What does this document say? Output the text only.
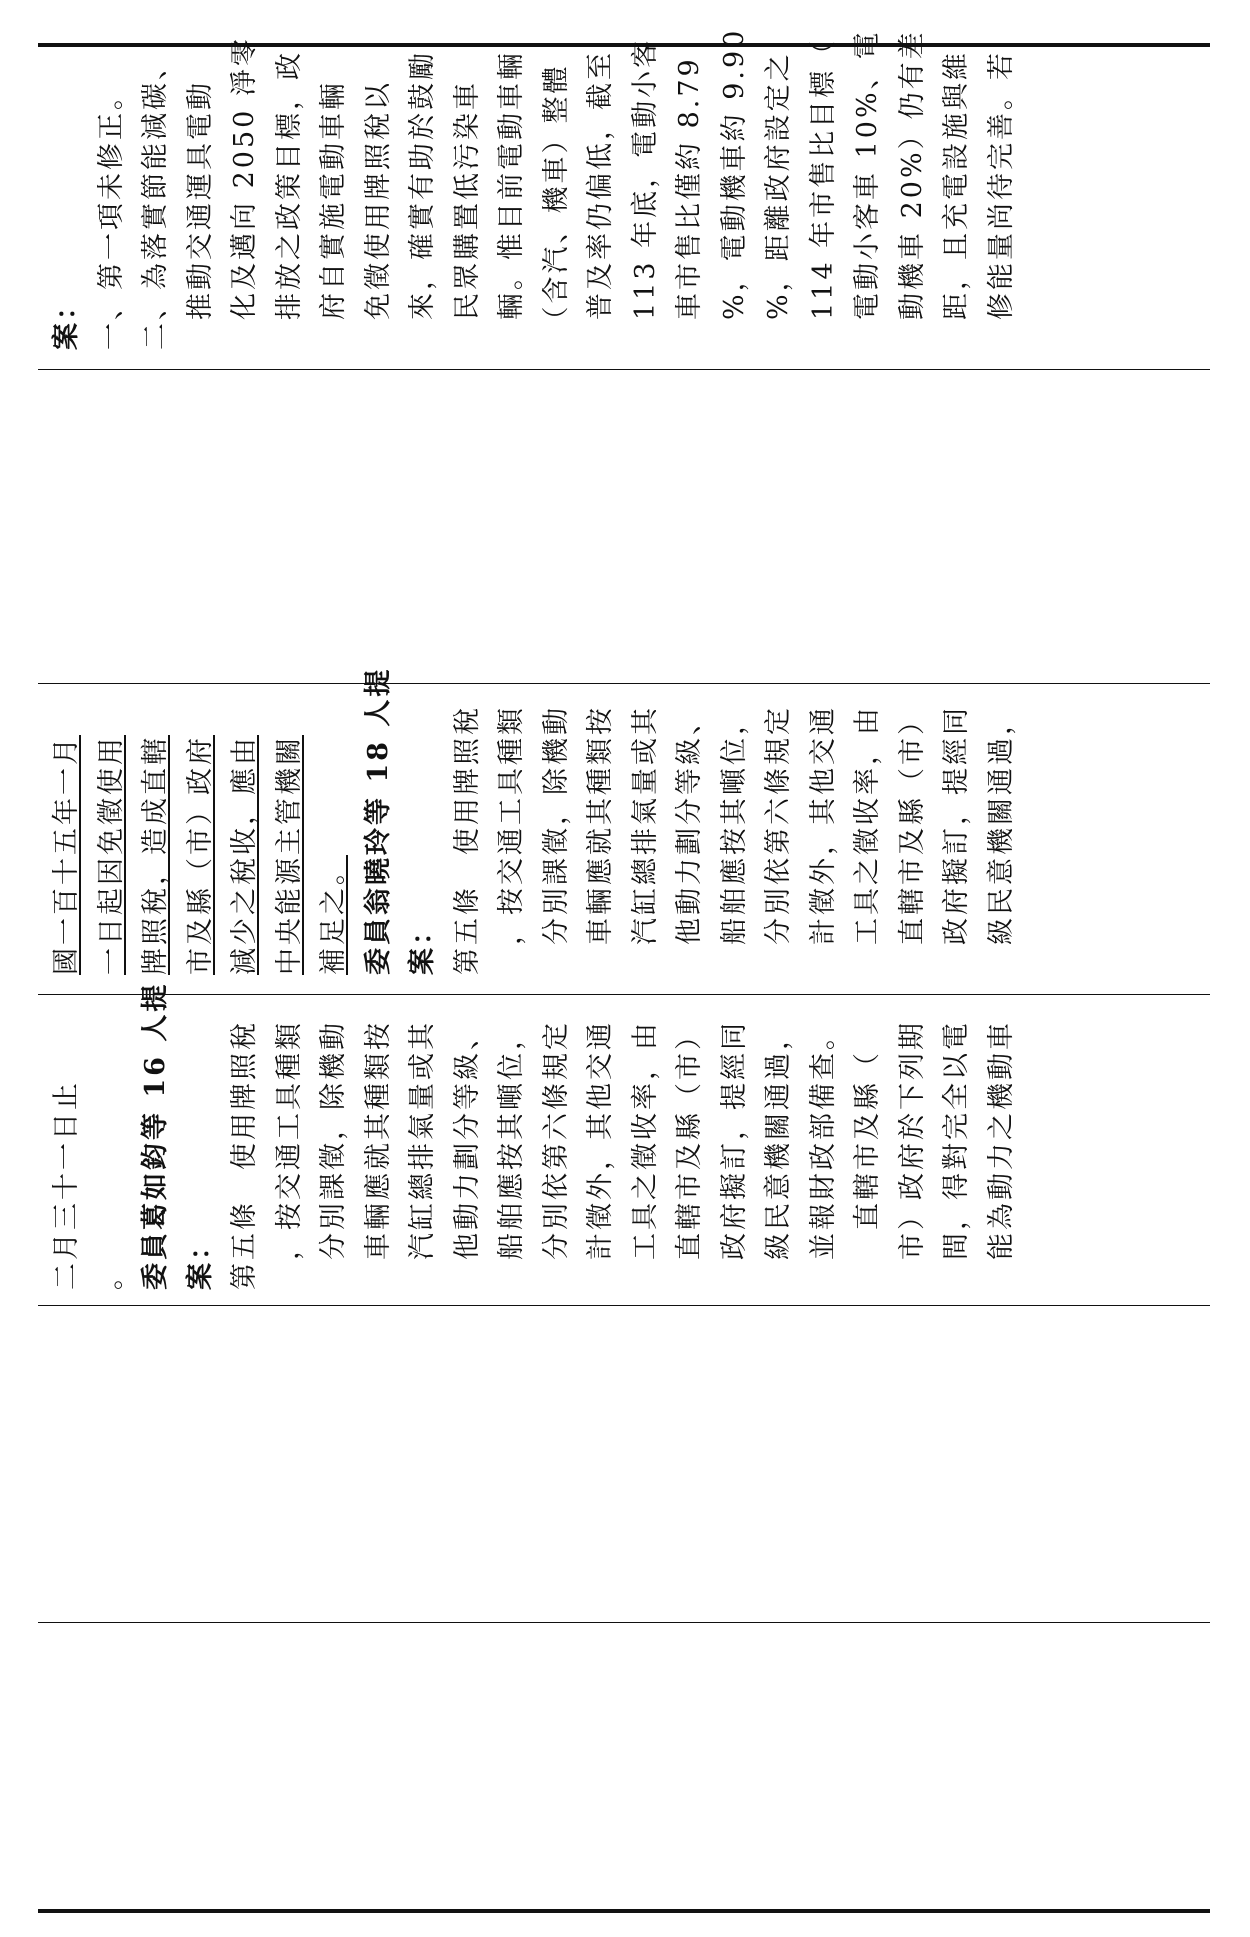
案： 一、第一項未修正。 二、為落實節能減碳、 　推動交通運具電動 　化及邁向 2050 淨零 　排放之政策目標，政 　府自實施電動車輛 　免徵使用牌照稅以 　來，確實有助於鼓勵 　民眾購置低污染車 　輛。惟目前電動車輛 　（含汽、機車）整體 　普及率仍偏低，截至 　113 年底，電動小客 　車市售比僅約 8.79 　%，電動機車約 9.90 　%，距離政府設定之 　114 年市售比目標（ 　電動小客車 10%、電 　動機車 20%）仍有差 　距，且充電設施與維 　修能量尚待完善。若
國一百十五年一月 一日起因免徵使用 牌照稅，造成直轄 市及縣（市）政府 減少之稅收，應由 中央能源主管機關 補足之。 委員翁曉玲等 18 人提 案： 第五條　使用牌照稅 　，按交通工具種類 　分別課徵，除機動 　車輛應就其種類按 　汽缸總排氣量或其 　他動力劃分等級、 　船舶應按其噸位， 　分別依第六條規定 　計徵外，其他交通 　工具之徵收率，由 　直轄市及縣（市） 　政府擬訂，提經同 　級民意機關通過，
二月三十一日止 。 委員葛如鈞等 16 人提 案： 第五條　使用牌照稅 　，按交通工具種類 　分別課徵，除機動 　車輛應就其種類按 　汽缸總排氣量或其 　他動力劃分等級、 　船舶應按其噸位， 　分別依第六條規定 　計徵外，其他交通 　工具之徵收率，由 　直轄市及縣（市） 　政府擬訂，提經同 　級民意機關通過， 　並報財政部備查。 　　直轄市及縣（ 　市）政府於下列期 　間，得對完全以電 　能為動力之機動車
